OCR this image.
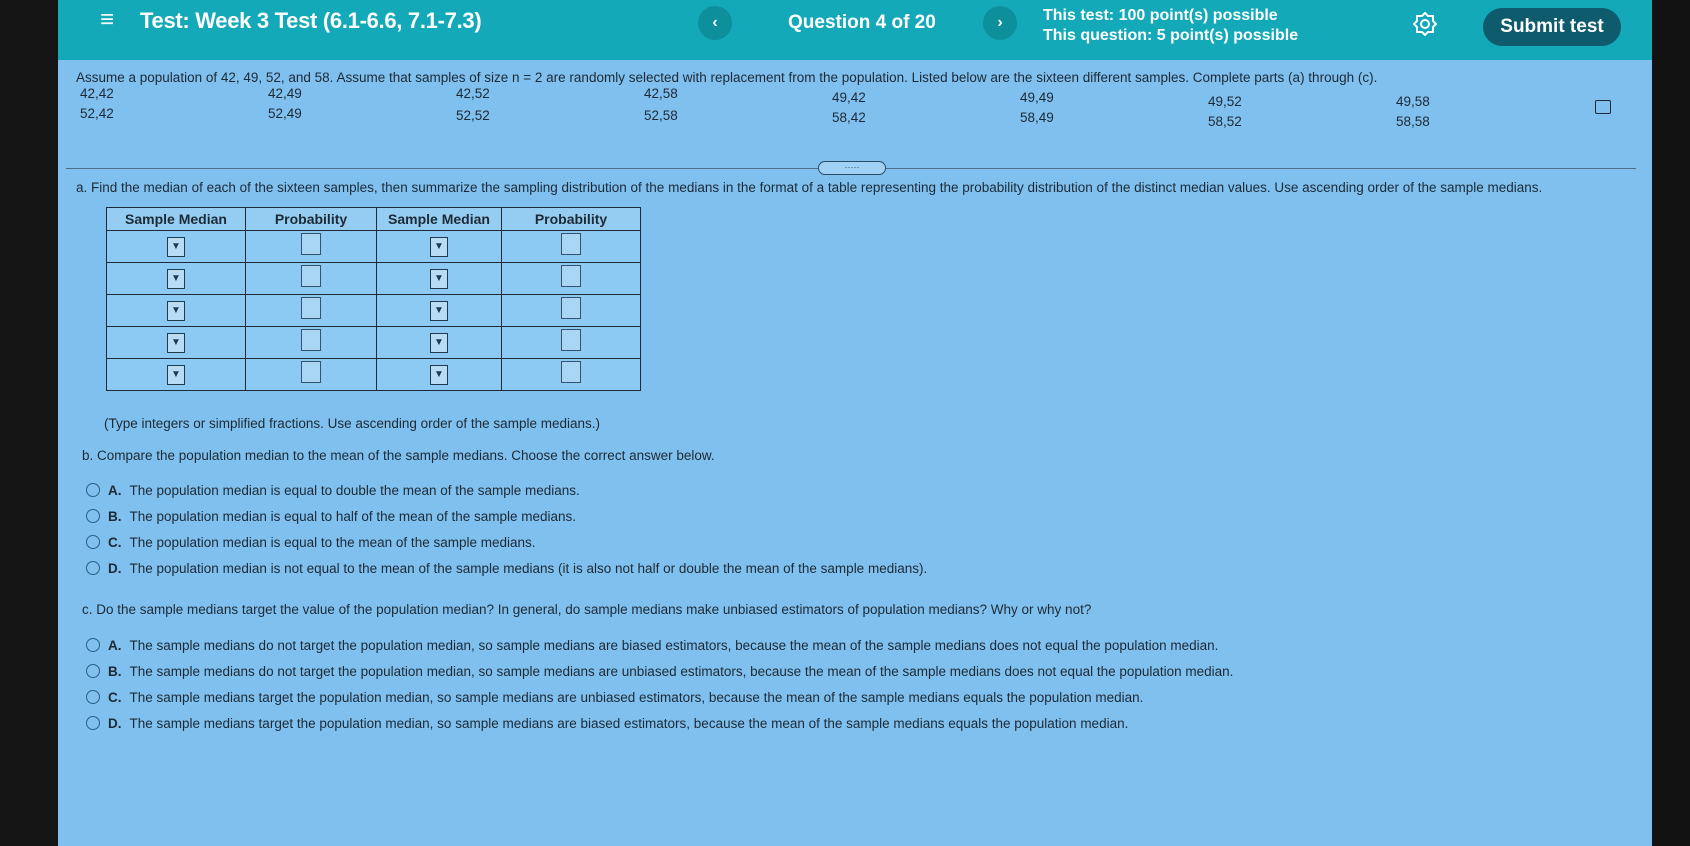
≡ Test: Week 3 Test (6.1-6.6, 7.1-7.3)	‹	Question 4 of 20	›	This test: 100 point(s) possible
This question: 5 point(s) possible	Submit test
Assume a population of 42, 49, 52, and 58. Assume that samples of size n = 2 are randomly selected with replacement from the population. Listed below are the sixteen different samples. Complete parts (a) through (c).
42,42	42,49	42,52	42,58	49,42	49,49	49,52	49,58
52,42	52,49	52,52	52,58	58,42	58,49	58,52	58,58
·····
a. Find the median of each of the sixteen samples, then summarize the sampling distribution of the medians in the format of a table representing the probability distribution of the distinct median values. Use ascending order of the sample medians.
Sample Median	Probability	Sample Median	Probability
▼		▼	
▼		▼	
▼		▼	
▼		▼	
▼		▼	
(Type integers or simplified fractions. Use ascending order of the sample medians.)
b. Compare the population median to the mean of the sample medians. Choose the correct answer below.
A. The population median is equal to double the mean of the sample medians.
B. The population median is equal to half of the mean of the sample medians.
C. The population median is equal to the mean of the sample medians.
D. The population median is not equal to the mean of the sample medians (it is also not half or double the mean of the sample medians).
c. Do the sample medians target the value of the population median? In general, do sample medians make unbiased estimators of population medians? Why or why not?
A. The sample medians do not target the population median, so sample medians are biased estimators, because the mean of the sample medians does not equal the population median.
B. The sample medians do not target the population median, so sample medians are unbiased estimators, because the mean of the sample medians does not equal the population median.
C. The sample medians target the population median, so sample medians are unbiased estimators, because the mean of the sample medians equals the population median.
D. The sample medians target the population median, so sample medians are biased estimators, because the mean of the sample medians equals the population median.
